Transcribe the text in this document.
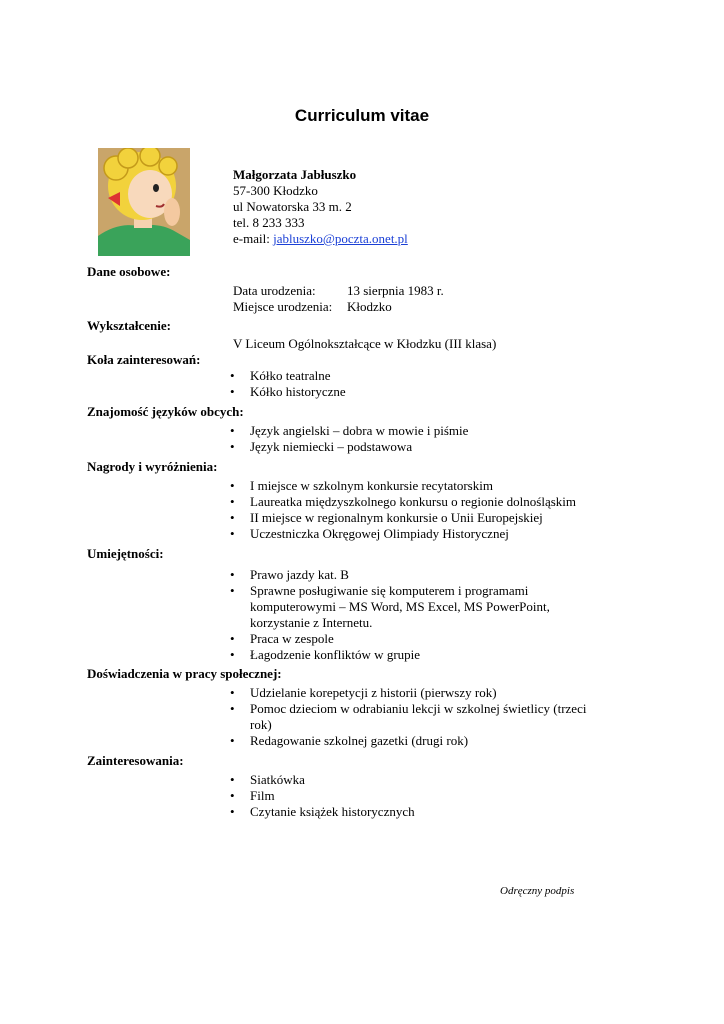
Curriculum vitae
Małgorzata Jabłuszko
57-300 Kłodzko
ul Nowatorska 33 m. 2
tel. 8 233 333
e-mail: jabluszko@poczta.onet.pl
Dane osobowe:
Data urodzenia: 13 sierpnia 1983 r.
Miejsce urodzenia: Kłodzko
Wykształcenie:
V Liceum Ogólnokształcące w Kłodzku (III klasa)
Koła zainteresowań:
• Kółko teatralne
• Kółko historyczne
Znajomość języków obcych:
• Język angielski – dobra w mowie i piśmie
• Język niemiecki – podstawowa
Nagrody i wyróżnienia:
• I miejsce w szkolnym konkursie recytatorskim
• Laureatka międzyszkolnego konkursu o regionie dolnośląskim
• II miejsce w regionalnym konkursie o Unii Europejskiej
• Uczestniczka Okręgowej Olimpiady Historycznej
Umiejętności:
• Prawo jazdy kat. B
• Sprawne posługiwanie się komputerem i programami komputerowymi – MS Word, MS Excel, MS PowerPoint, korzystanie z Internetu.
• Praca w zespole
• Łagodzenie konfliktów w grupie
Doświadczenia w pracy społecznej:
• Udzielanie korepetycji z historii (pierwszy rok)
• Pomoc dzieciom w odrabianiu lekcji w szkolnej świetlicy (trzeci rok)
• Redagowanie szkolnej gazetki (drugi rok)
Zainteresowania:
• Siatkówka
• Film
• Czytanie książek historycznych
Odręczny podpis
